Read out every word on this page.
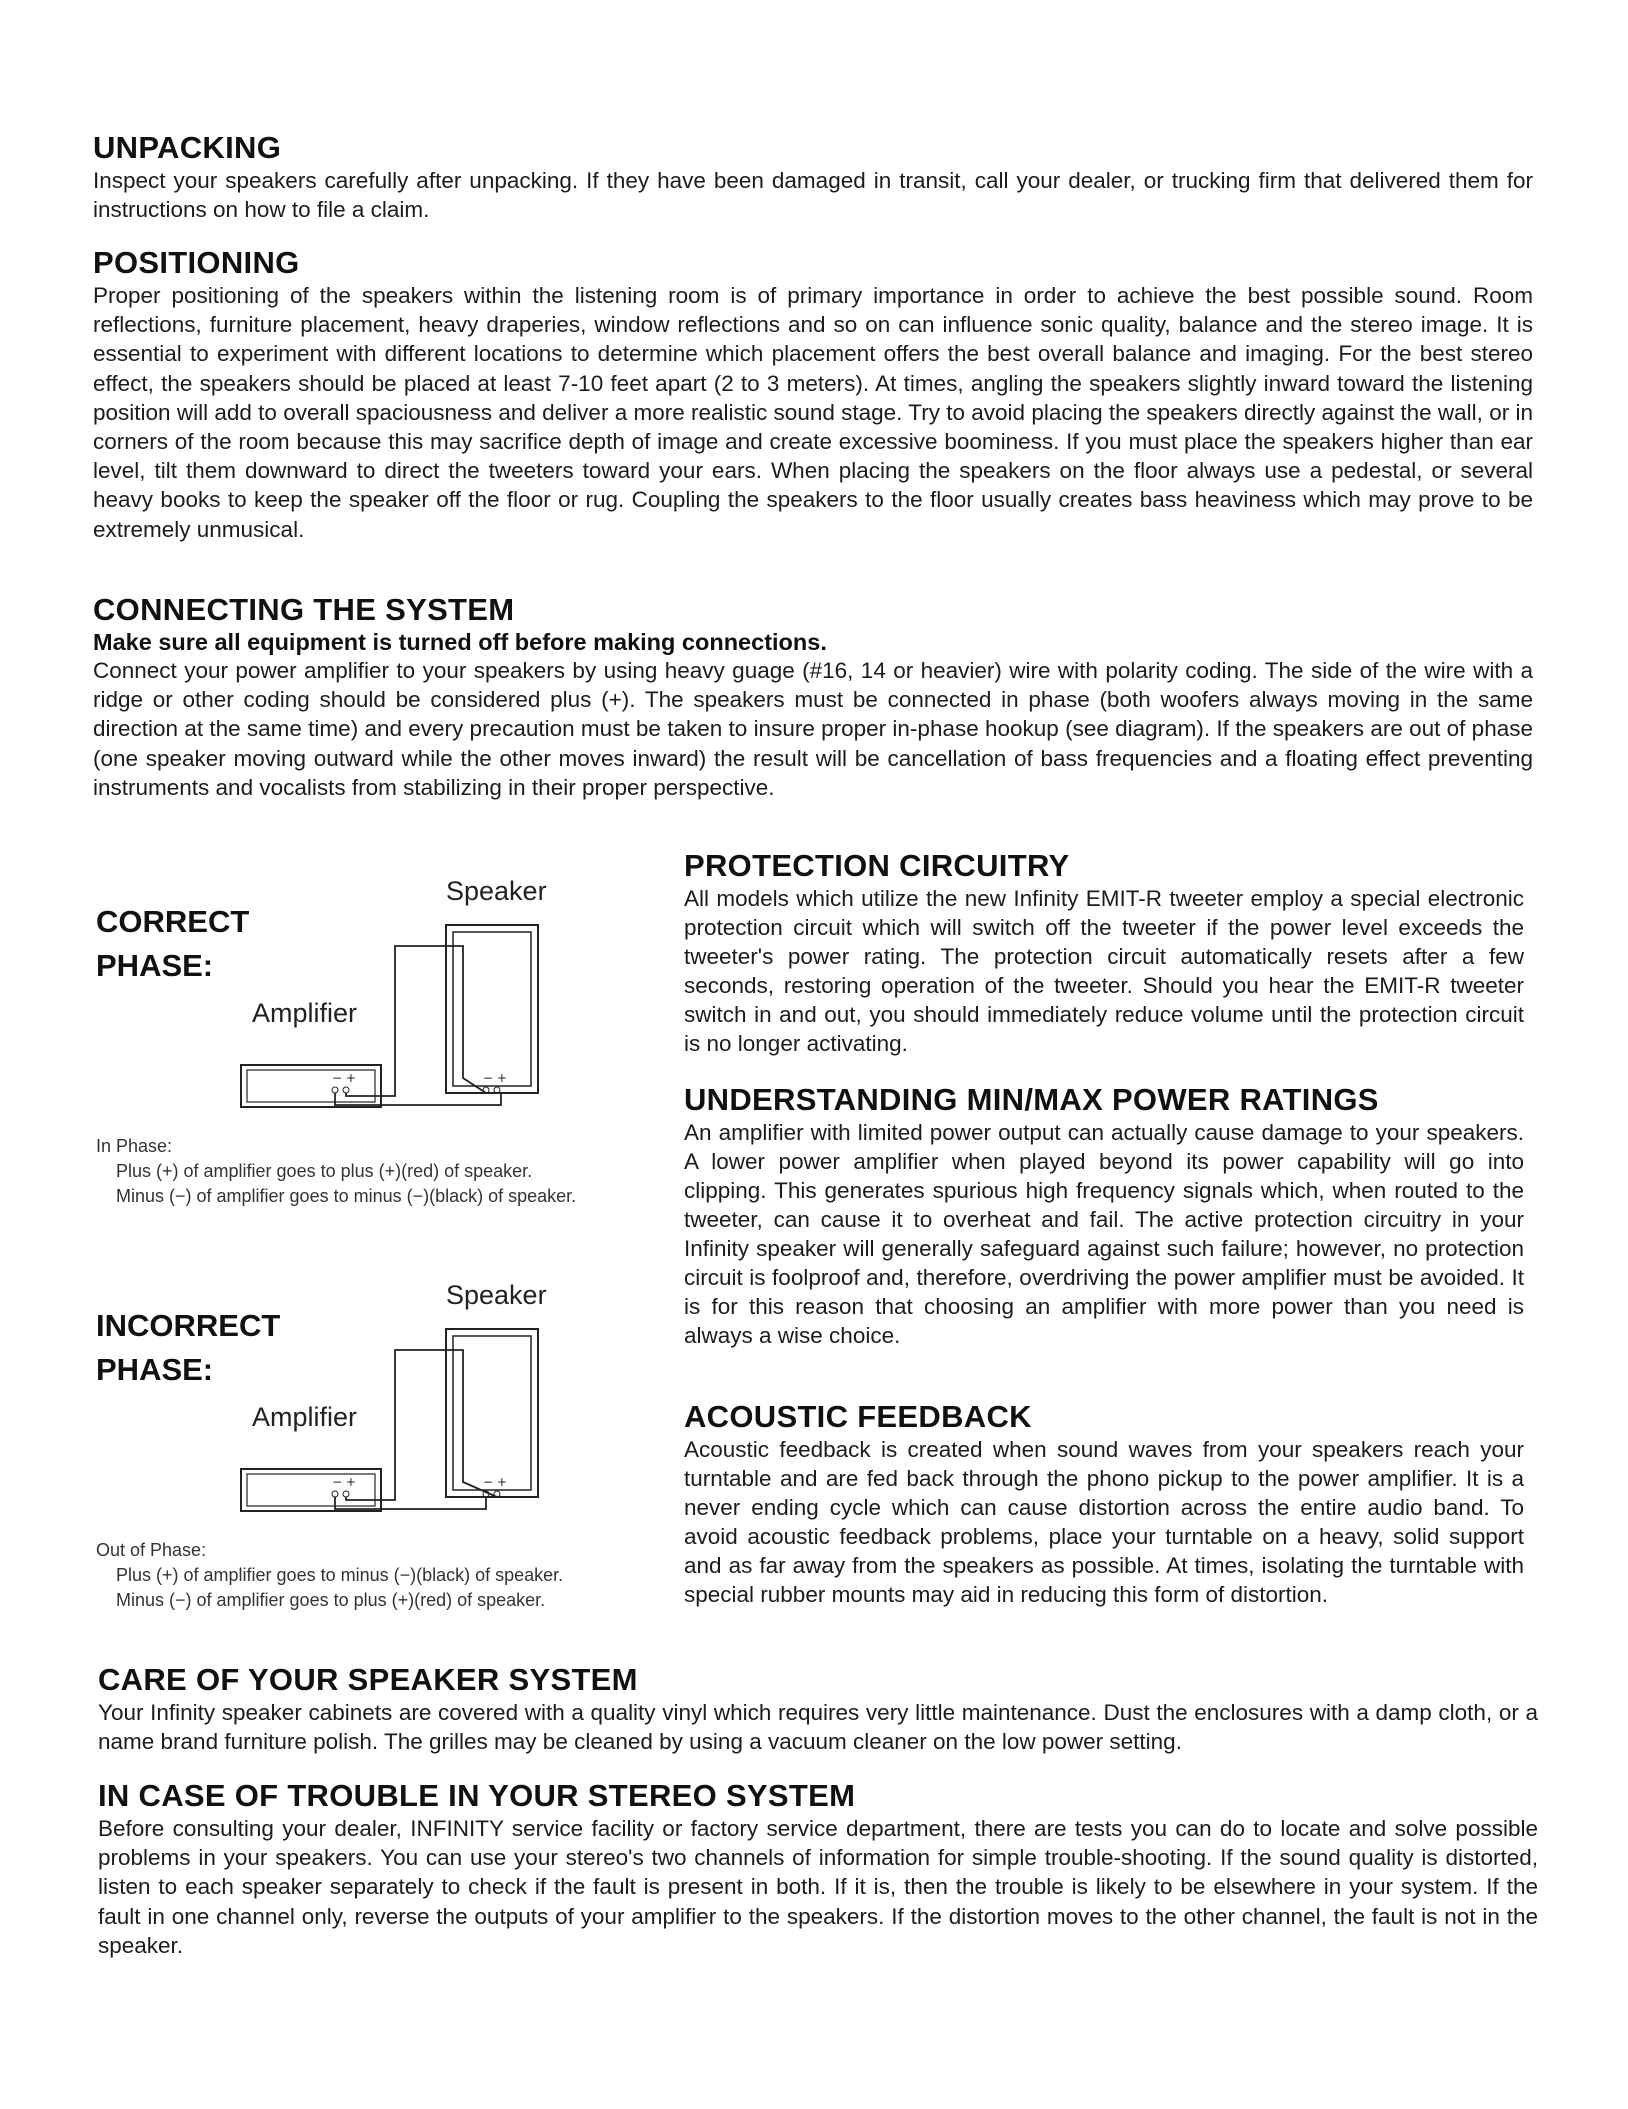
UNPACKING

Inspect your speakers carefully after unpacking. If they have been damaged in transit, call your dealer, or trucking firm that delivered them for instructions on how to file a claim.

POSITIONING

Proper positioning of the speakers within the listening room is of primary importance in order to achieve the best possible sound. Room reflections, furniture placement, heavy draperies, window reflections and so on can influence sonic quality, balance and the stereo image. It is essential to experiment with different locations to determine which placement offers the best overall balance and imaging. For the best stereo effect, the speakers should be placed at least 7-10 feet apart (2 to 3 meters). At times, angling the speakers slightly inward toward the listening position will add to overall spaciousness and deliver a more realistic sound stage. Try to avoid placing the speakers directly against the wall, or in corners of the room because this may sacrifice depth of image and create excessive boominess. If you must place the speakers higher than ear level, tilt them downward to direct the tweeters toward your ears. When placing the speakers on the floor always use a pedestal, or several heavy books to keep the speaker off the floor or rug. Coupling the speakers to the floor usually creates bass heaviness which may prove to be extremely unmusical.

CONNECTING THE SYSTEM
Make sure all equipment is turned off before making connections.

Connect your power amplifier to your speakers by using heavy guage (#16, 14 or heavier) wire with polarity coding. The side of the wire with a ridge or other coding should be considered plus (+). The speakers must be connected in phase (both woofers always moving in the same direction at the same time) and every precaution must be taken to insure proper in-phase hookup (see diagram). If the speakers are out of phase (one speaker moving outward while the other moves inward) the result will be cancellation of bass frequencies and a floating effect preventing instruments and vocalists from stabilizing in their proper perspective.

CORRECT
PHASE:
Speaker
Amplifier
− +	− +
In Phase:
Plus (+) of amplifier goes to plus (+)(red) of speaker.
Minus (−) of amplifier goes to minus (−)(black) of speaker.
INCORRECT
PHASE:
Speaker
Amplifier
− +	− +
Out of Phase:
Plus (+) of amplifier goes to minus (−)(black) of speaker.
Minus (−) of amplifier goes to plus (+)(red) of speaker.
PROTECTION CIRCUITRY

All models which utilize the new Infinity EMIT-R tweeter employ a special electronic protection circuit which will switch off the tweeter if the power level exceeds the tweeter's power rating. The protection circuit automatically resets after a few seconds, restoring operation of the tweeter. Should you hear the EMIT-R tweeter switch in and out, you should immediately reduce volume until the protection circuit is no longer activating.

UNDERSTANDING MIN/MAX POWER RATINGS

An amplifier with limited power output can actually cause damage to your speakers. A lower power amplifier when played beyond its power capability will go into clipping. This generates spurious high frequency signals which, when routed to the tweeter, can cause it to overheat and fail. The active protection circuitry in your Infinity speaker will generally safeguard against such failure; however, no protection circuit is foolproof and, therefore, overdriving the power amplifier must be avoided. It is for this reason that choosing an amplifier with more power than you need is always a wise choice.

ACOUSTIC FEEDBACK

Acoustic feedback is created when sound waves from your speakers reach your turntable and are fed back through the phono pickup to the power amplifier. It is a never ending cycle which can cause distortion across the entire audio band. To avoid acoustic feedback problems, place your turntable on a heavy, solid support and as far away from the speakers as possible. At times, isolating the turntable with special rubber mounts may aid in reducing this form of distortion.

CARE OF YOUR SPEAKER SYSTEM

Your Infinity speaker cabinets are covered with a quality vinyl which requires very little maintenance. Dust the enclosures with a damp cloth, or a name brand furniture polish. The grilles may be cleaned by using a vacuum cleaner on the low power setting.

IN CASE OF TROUBLE IN YOUR STEREO SYSTEM

Before consulting your dealer, INFINITY service facility or factory service department, there are tests you can do to locate and solve possible problems in your speakers. You can use your stereo's two channels of information for simple trouble-shooting. If the sound quality is distorted, listen to each speaker separately to check if the fault is present in both. If it is, then the trouble is likely to be elsewhere in your system. If the fault in one channel only, reverse the outputs of your amplifier to the speakers. If the distortion moves to the other channel, the fault is not in the speaker.
